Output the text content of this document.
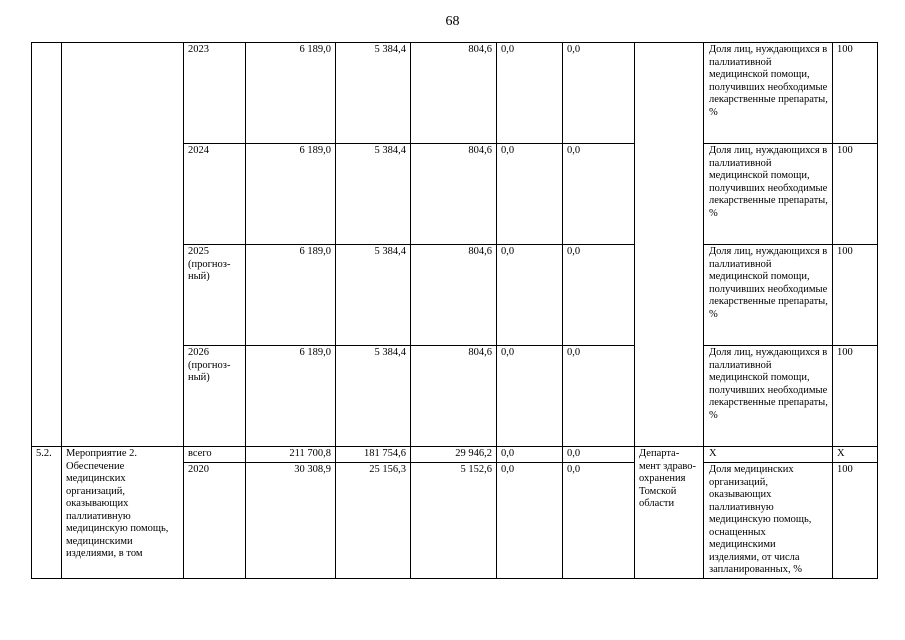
68
		2023	6 189,0	5 384,4	804,6	0,0	0,0		Доля лиц, нуждающихся в паллиативной медицинской помощи, получивших необходимые лекарственные препараты, %	100
		2024	6 189,0	5 384,4	804,6	0,0	0,0		Доля лиц, нуждающихся в паллиативной медицинской помощи, получивших необходимые лекарственные препараты, %	100
		2025 (прогноз-ный)	6 189,0	5 384,4	804,6	0,0	0,0		Доля лиц, нуждающихся в паллиативной медицинской помощи, получивших необходимые лекарственные препараты, %	100
		2026 (прогноз-ный)	6 189,0	5 384,4	804,6	0,0	0,0		Доля лиц, нуждающихся в паллиативной медицинской помощи, получивших необходимые лекарственные препараты, %	100
5.2.	Мероприятие 2. Обеспечение медицинских организаций, оказывающих паллиативную медицинскую помощь, медицинскими изделиями, в том	всего	211 700,8	181 754,6	29 946,2	0,0	0,0	Департа-мент здраво-охранения Томской области	X	X
		2020	30 308,9	25 156,3	5 152,6	0,0	0,0		Доля медицинских организаций, оказывающих паллиативную медицинскую помощь, оснащенных медицинскими изделиями, от числа запланированных, %	100
